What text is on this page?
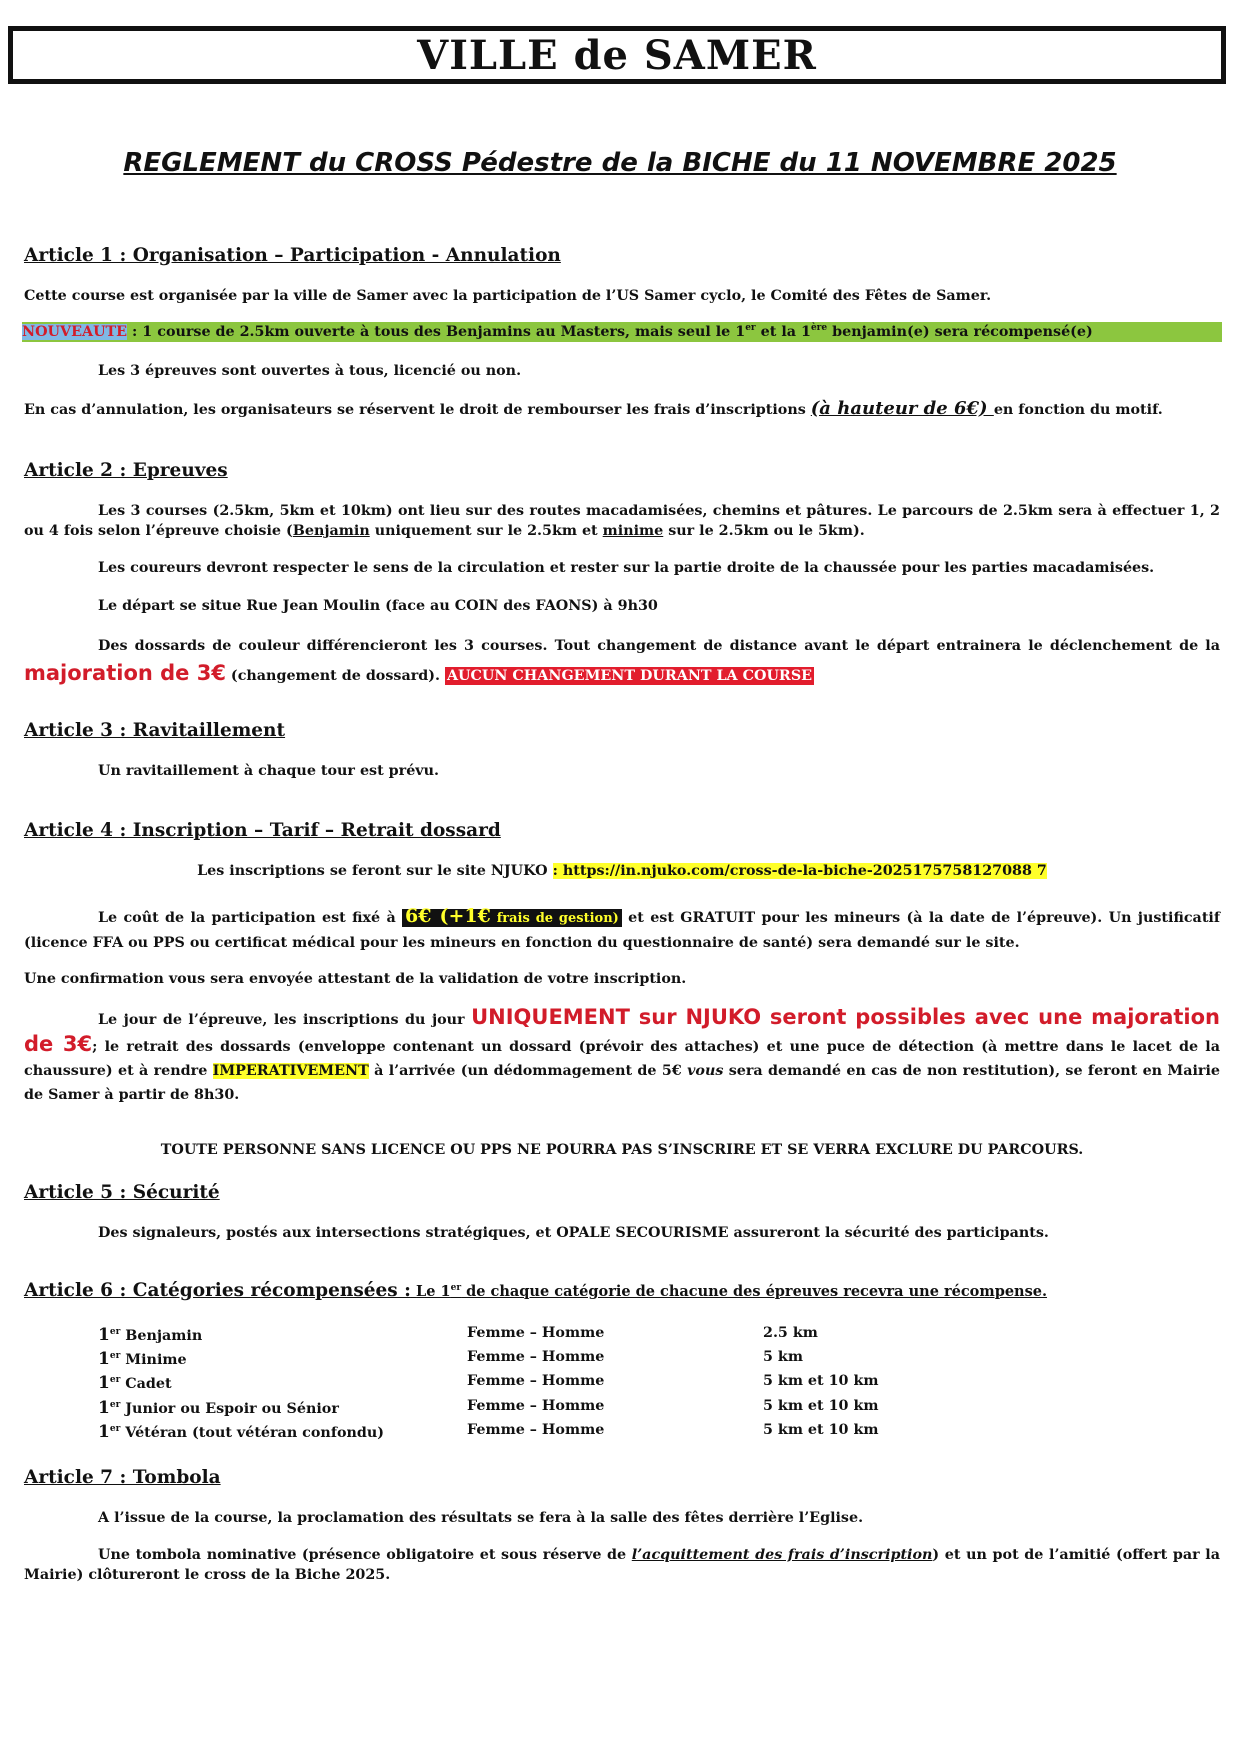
VILLE de SAMER
REGLEMENT du CROSS Pédestre de la BICHE du 11 NOVEMBRE 2025
Article 1 : Organisation – Participation - Annulation
Cette course est organisée par la ville de Samer avec la participation de l’US Samer cyclo, le Comité des Fêtes de Samer.
NOUVEAUTE : 1 course de 2.5km ouverte à tous des Benjamins au Masters, mais seul le 1er et la 1ère benjamin(e) sera récompensé(e)
Les 3 épreuves sont ouvertes à tous, licencié ou non.
En cas d’annulation, les organisateurs se réservent le droit de rembourser les frais d’inscriptions (à hauteur de 6€) en fonction du motif.
Article 2 : Epreuves
Les 3 courses (2.5km, 5km et 10km) ont lieu sur des routes macadamisées, chemins et pâtures. Le parcours de 2.5km sera à effectuer 1, 2 ou 4 fois selon l’épreuve choisie (Benjamin uniquement sur le 2.5km et minime sur le 2.5km ou le 5km).
Les coureurs devront respecter le sens de la circulation et rester sur la partie droite de la chaussée pour les parties macadamisées.
Le départ se situe Rue Jean Moulin (face au COIN des FAONS) à 9h30
Des dossards de couleur différencieront les 3 courses. Tout changement de distance avant le départ entrainera le déclenchement de la majoration de 3€ (changement de dossard). AUCUN CHANGEMENT DURANT LA COURSE
Article 3 : Ravitaillement
Un ravitaillement à chaque tour est prévu.
Article 4 : Inscription – Tarif – Retrait dossard
Les inscriptions se feront sur le site NJUKO : https://in.njuko.com/cross-de-la-biche-2025175758127088 7
Le coût de la participation est fixé à 6€ (+1€ frais de gestion) et est GRATUIT pour les mineurs (à la date de l’épreuve). Un justificatif (licence FFA ou PPS ou certificat médical pour les mineurs en fonction du questionnaire de santé) sera demandé sur le site.
Une confirmation vous sera envoyée attestant de la validation de votre inscription.
Le jour de l’épreuve, les inscriptions du jour UNIQUEMENT sur NJUKO seront possibles avec une majoration de 3€; le retrait des dossards (enveloppe contenant un dossard (prévoir des attaches) et une puce de détection (à mettre dans le lacet de la chaussure) et à rendre IMPERATIVEMENT à l’arrivée (un dédommagement de 5€ vous sera demandé en cas de non restitution), se feront en Mairie de Samer à partir de 8h30.
TOUTE PERSONNE SANS LICENCE OU PPS NE POURRA PAS S’INSCRIRE ET SE VERRA EXCLURE DU PARCOURS.
Article 5 : Sécurité
Des signaleurs, postés aux intersections stratégiques, et OPALE SECOURISME assureront la sécurité des participants.
Article 6 : Catégories récompensées : Le 1er de chaque catégorie de chacune des épreuves recevra une récompense.
1er Benjamin	Femme – Homme	2.5 km
1er Minime	Femme – Homme	5 km
1er Cadet	Femme – Homme	5 km et 10 km
1er Junior ou Espoir ou Sénior	Femme – Homme	5 km et 10 km
1er Vétéran (tout vétéran confondu)	Femme – Homme	5 km et 10 km
Article 7 : Tombola
A l’issue de la course, la proclamation des résultats se fera à la salle des fêtes derrière l’Eglise.
Une tombola nominative (présence obligatoire et sous réserve de l’acquittement des frais d’inscription) et un pot de l’amitié (offert par la Mairie) clôtureront le cross de la Biche 2025.
